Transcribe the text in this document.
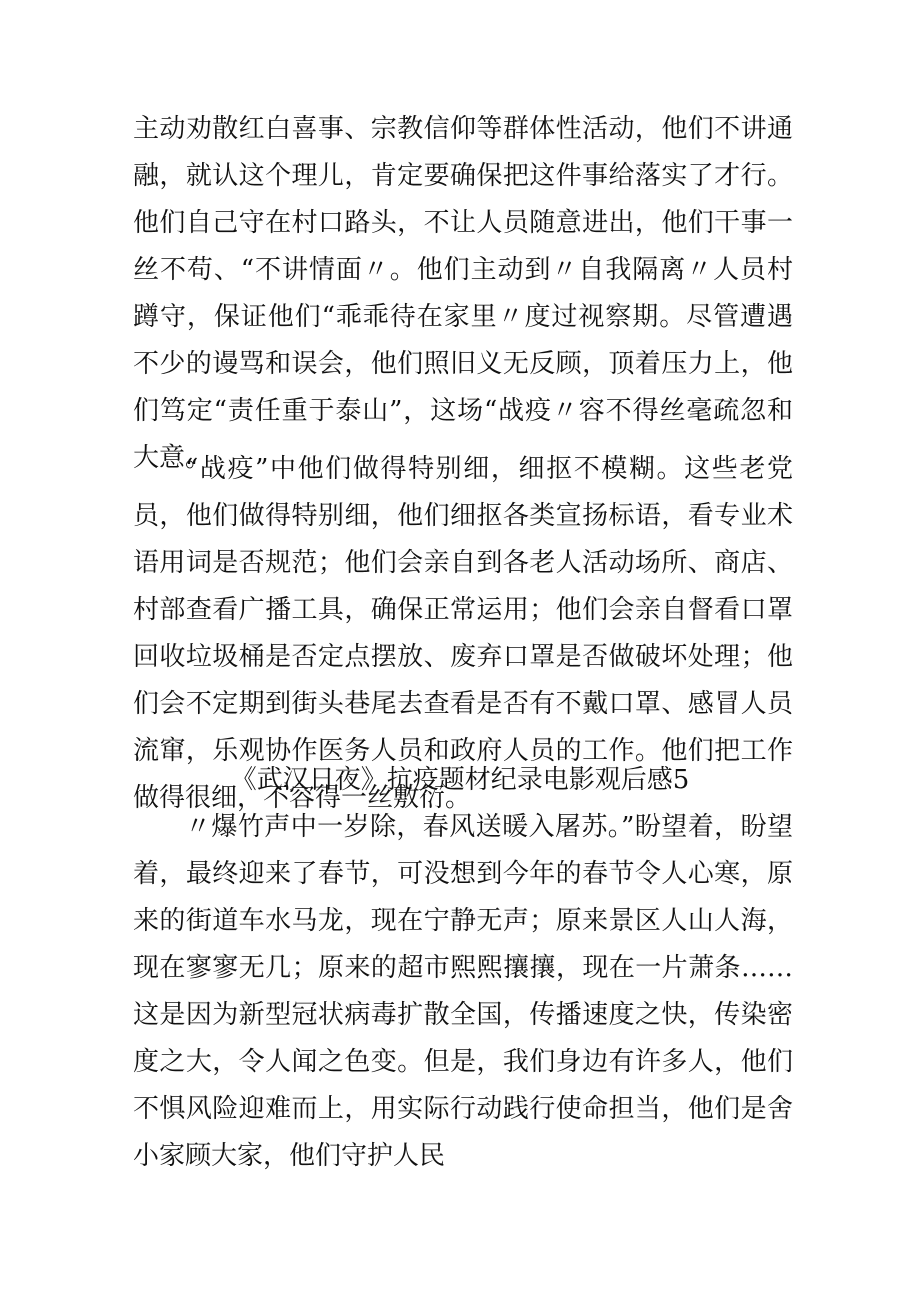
主动劝散红白喜事、宗教信仰等群体性活动，他们不讲通融，就认这个理儿，肯定要确保把这件事给落实了才行。他们自己守在村口路头，不让人员随意进出，他们干事一丝不苟、“不讲情面〃。他们主动到〃自我隔离〃人员村蹲守，保证他们“乖乖待在家里〃度过视察期。尽管遭遇不少的谩骂和误会，他们照旧义无反顾，顶着压力上，他们笃定“责任重于泰山”，这场“战疫〃容不得丝毫疏忽和大意。

“战疫”中他们做得特别细，细抠不模糊。这些老党员，他们做得特别细，他们细抠各类宣扬标语，看专业术语用词是否规范；他们会亲自到各老人活动场所、商店、村部查看广播工具，确保正常运用；他们会亲自督看口罩回收垃圾桶是否定点摆放、废弃口罩是否做破坏处理；他们会不定期到街头巷尾去查看是否有不戴口罩、感冒人员流窜，乐观协作医务人员和政府人员的工作。他们把工作做得很细，不容得一丝敷衍。

《武汉日夜》抗疫题材纪录电影观后感5

〃爆竹声中一岁除，春风送暖入屠苏。”盼望着，盼望着，最终迎来了春节，可没想到今年的春节令人心寒，原来的街道车水马龙，现在宁静无声；原来景区人山人海，现在寥寥无几；原来的超市熙熙攘攘，现在一片萧条……这是因为新型冠状病毒扩散全国，传播速度之快，传染密度之大，令人闻之色变。但是，我们身边有许多人，他们不惧风险迎难而上，用实际行动践行使命担当，他们是舍小家顾大家，他们守护人民
